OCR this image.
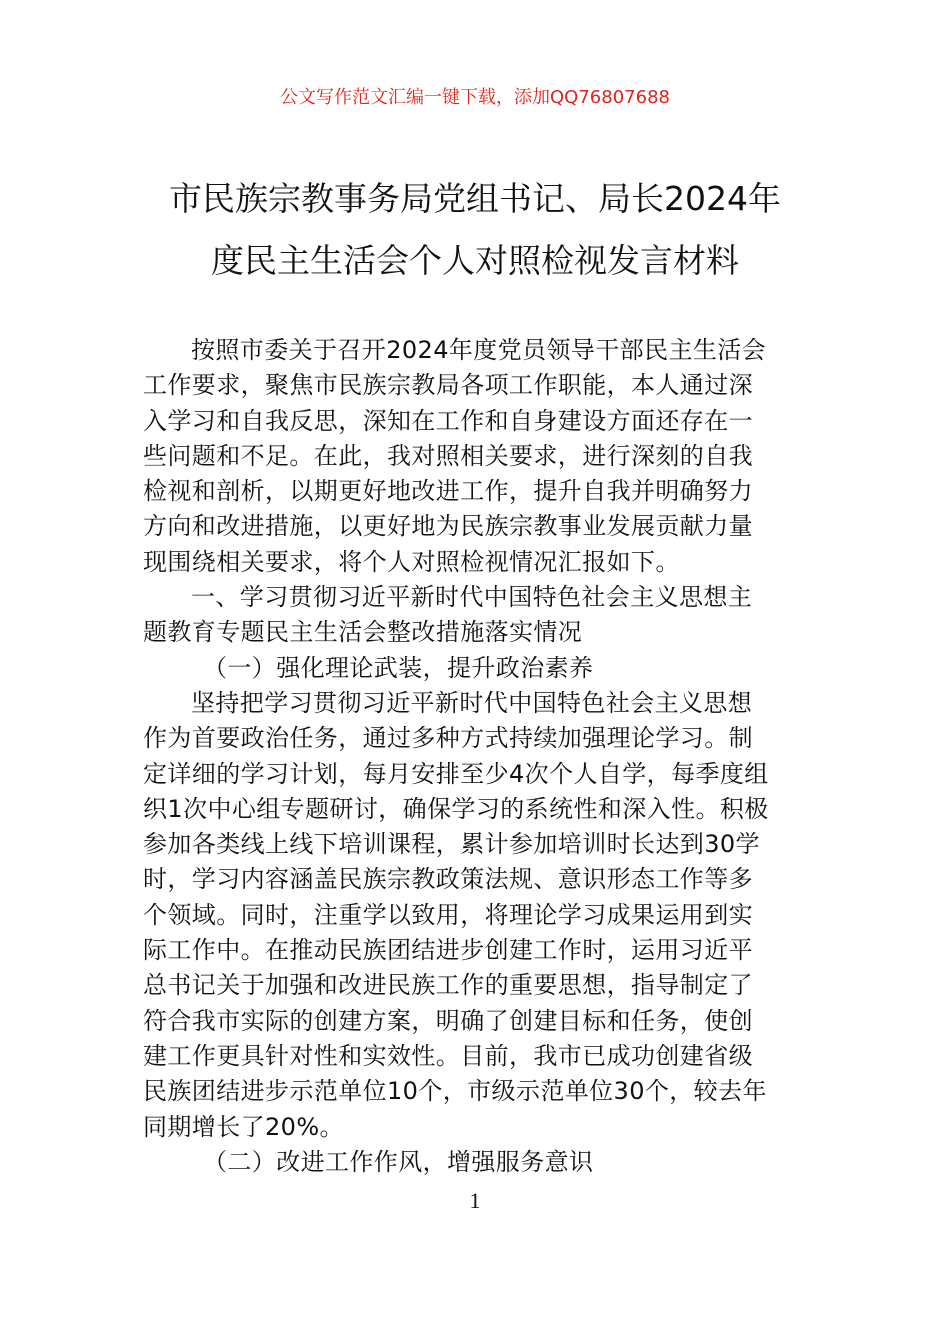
公文写作范文汇编一键下载，添加QQ76807688
市民族宗教事务局党组书记、局长2024年
度民主生活会个人对照检视发言材料
按照市委关于召开2024年度党员领导干部民主生活会
工作要求，聚焦市民族宗教局各项工作职能，本人通过深
入学习和自我反思，深知在工作和自身建设方面还存在一
些问题和不足。在此，我对照相关要求，进行深刻的自我
检视和剖析，以期更好地改进工作，提升自我并明确努力
方向和改进措施，以更好地为民族宗教事业发展贡献力量
现围绕相关要求，将个人对照检视情况汇报如下。
一、学习贯彻习近平新时代中国特色社会主义思想主
题教育专题民主生活会整改措施落实情况
（一）强化理论武装，提升政治素养
坚持把学习贯彻习近平新时代中国特色社会主义思想
作为首要政治任务，通过多种方式持续加强理论学习。制
定详细的学习计划，每月安排至少4次个人自学，每季度组
织1次中心组专题研讨，确保学习的系统性和深入性。积极
参加各类线上线下培训课程，累计参加培训时长达到30学
时，学习内容涵盖民族宗教政策法规、意识形态工作等多
个领域。同时，注重学以致用，将理论学习成果运用到实
际工作中。在推动民族团结进步创建工作时，运用习近平
总书记关于加强和改进民族工作的重要思想，指导制定了
符合我市实际的创建方案，明确了创建目标和任务，使创
建工作更具针对性和实效性。目前，我市已成功创建省级
民族团结进步示范单位10个，市级示范单位30个，较去年
同期增长了20%。
（二）改进工作作风，增强服务意识
1
